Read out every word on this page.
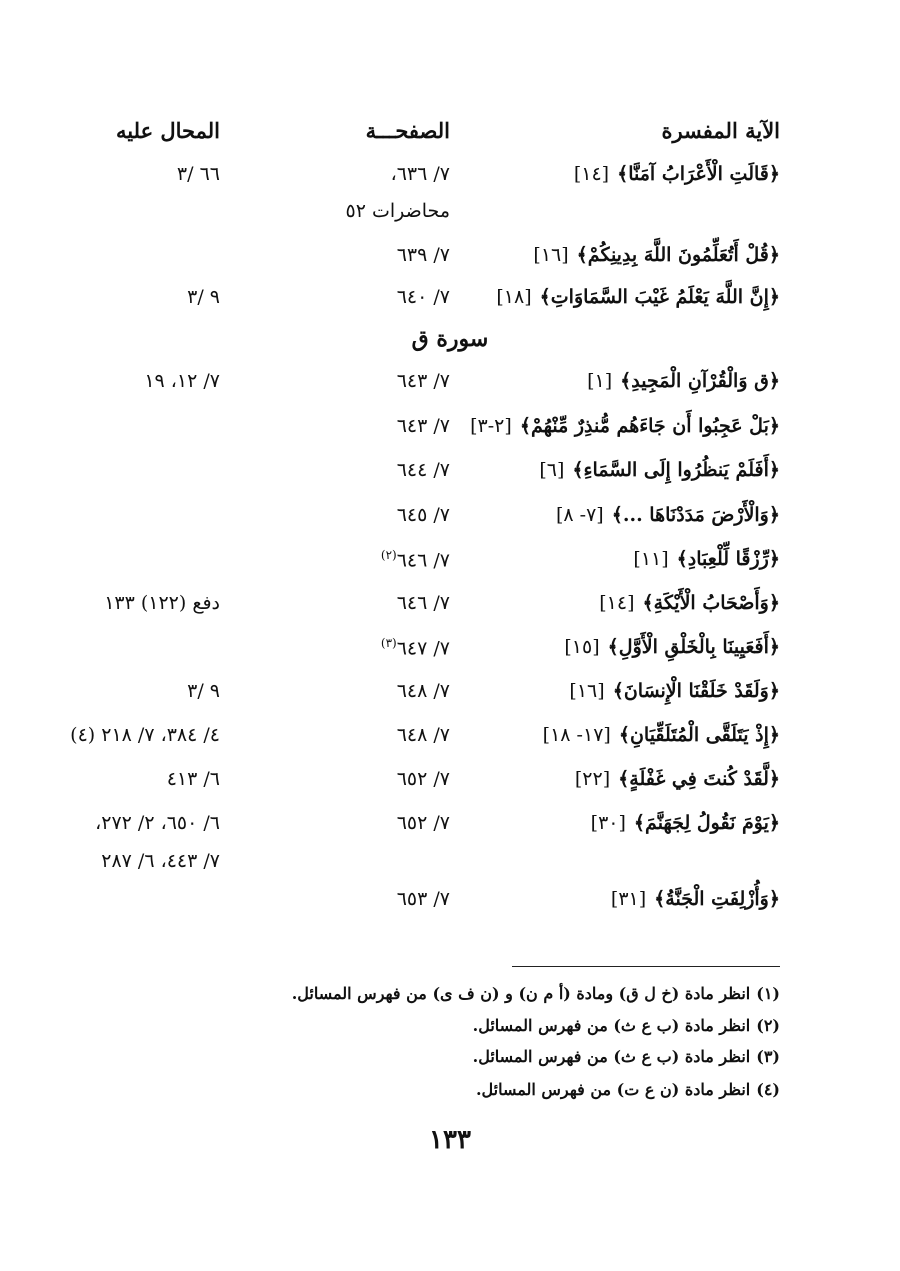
الآية المفسرة
الصفحـــة
المحال عليه
﴿قَالَتِ الْأَعْرَابُ آمَنَّا﴾[١٤]
٧/ ٦٣٦،
٦٦ /٣
محاضرات ٥٢
﴿قُلْ أَتُعَلِّمُونَ اللَّهَ بِدِينِكُمْ﴾[١٦]
٧/ ٦٣٩
﴿إِنَّ اللَّهَ يَعْلَمُ غَيْبَ السَّمَاوَاتِ﴾[١٨]
٧/ ٦٤٠
٩ /٣
سورة ق
﴿ق وَالْقُرْآنِ الْمَجِيدِ﴾[١]
٧/ ٦٤٣
٧/ ١٢، ١٩
﴿بَلْ عَجِبُوا أَن جَاءَهُم مُّنذِرٌ مِّنْهُمْ﴾[٢-٣]
٧/ ٦٤٣
﴿أَفَلَمْ يَنظُرُوا إِلَى السَّمَاءِ﴾[٦]
٧/ ٦٤٤
﴿وَالْأَرْضَ مَدَدْنَاهَا ...﴾[٧- ٨]
٧/ ٦٤٥
﴿رِّزْقًا لِّلْعِبَادِ﴾[١١]
٧/ ٦٤٦$^{(٢)}$
﴿وَأَصْحَابُ الْأَيْكَةِ﴾[١٤]
٧/ ٦٤٦
دفع (١٢٢) ١٣٣
﴿أَفَعَيِينَا بِالْخَلْقِ الْأَوَّلِ﴾[١٥]
٧/ ٦٤٧$^{(٣)}$
﴿وَلَقَدْ خَلَقْنَا الْإِنسَانَ﴾[١٦]
٧/ ٦٤٨
٩ /٣
﴿إِذْ يَتَلَقَّى الْمُتَلَقِّيَانِ﴾[١٧- ١٨]
٧/ ٦٤٨
٤/ ٣٨٤، ٧/ ٢١٨ (٤)
﴿لَّقَدْ كُنتَ فِي غَفْلَةٍ﴾[٢٢]
٧/ ٦٥٢
٦/ ٤١٣
﴿يَوْمَ نَقُولُ لِجَهَنَّمَ﴾[٣٠]
٧/ ٦٥٢
٦/ ٦٥٠، ٢/ ٢٧٢،
٧/ ٤٤٣، ٦/ ٢٨٧
﴿وَأُزْلِفَتِ الْجَنَّةُ﴾[٣١]
٧/ ٦٥٣
(١)انظر مادة (خ ل ق) ومادة (أ م ن) و (ن ف ى) من فهرس المسائل.
(٢)انظر مادة (ب ع ث) من فهرس المسائل.
(٣)انظر مادة (ب ع ث) من فهرس المسائل.
(٤)انظر مادة (ن ع ت) من فهرس المسائل.
١٣٣
